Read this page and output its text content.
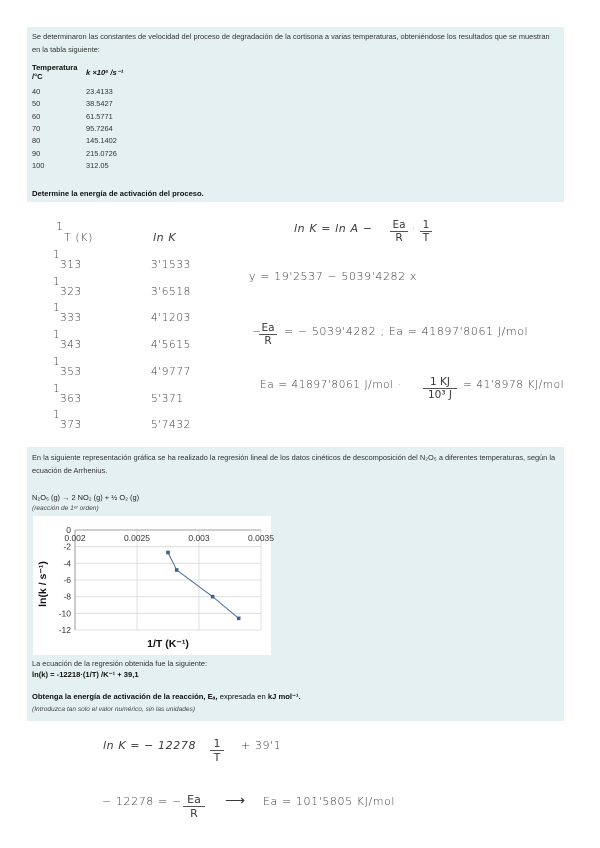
Se determinaron las constantes de velocidad del proceso de degradación de la cortisona a varias temperaturas, obteniéndose los resultados que se muestran en la tabla siguiente:
Temperatura
/°C	k ×10⁶ /s⁻¹
40	23.4133
50	38.5427
60	61.5771
70	95.7264
80	145.1402
90	215.0726
100	312.05
Determine la energía de activación del proceso.
1
T (K)	ln K
1
313	3'1533
1
323	3'6518
1
333	4'1203
1
343	4'5615
1
353	4'9777
1
363	5'371
1
373	5'7432
$\ln K = \ln A - \frac{Ea}{R} \cdot \frac{1}{T}$
y = 19'2537 − 5039'4282 x
−
$\frac{Ea}{R}$ = − 5039'4282 ; Ea = 41897'8061 J/mol
Ea = 41897'8061 $J/mol \cdot \frac{1 KJ}{\text{10³ J}} = 41'8978$ KJ/mol
En la siguiente representación gráfica se ha realizado la regresión lineal de los datos cinéticos de descomposición del N₂O₅ a diferentes temperaturas, según la ecuación de Arrhenius.
N₂O₅ (g) → 2 NO₂ (g) + ½ O₂ (g)
(reacción de 1ᵉʳ orden)
La ecuación de la regresión obtenida fue la siguiente:
ln(k) = -12218·(1/T) /K⁻¹ + 39,1
Obtenga la energía de activación de la reacción, Eₐ, expresada en kJ mol⁻¹.
(Introduzca tan solo el valor numérico, sin las unidades)
0.002	0.0025	0.003	0.0035
0
-2
-4
-6
-8
-10
-12
1/T (K⁻¹)
ln(k / s⁻¹)
ln K = − $12278 \frac{1}{T} + 39'1$
− 12278 = − $\frac{Ea}{R}$ ⟶ Ea = 101'5805 KJ/mol
